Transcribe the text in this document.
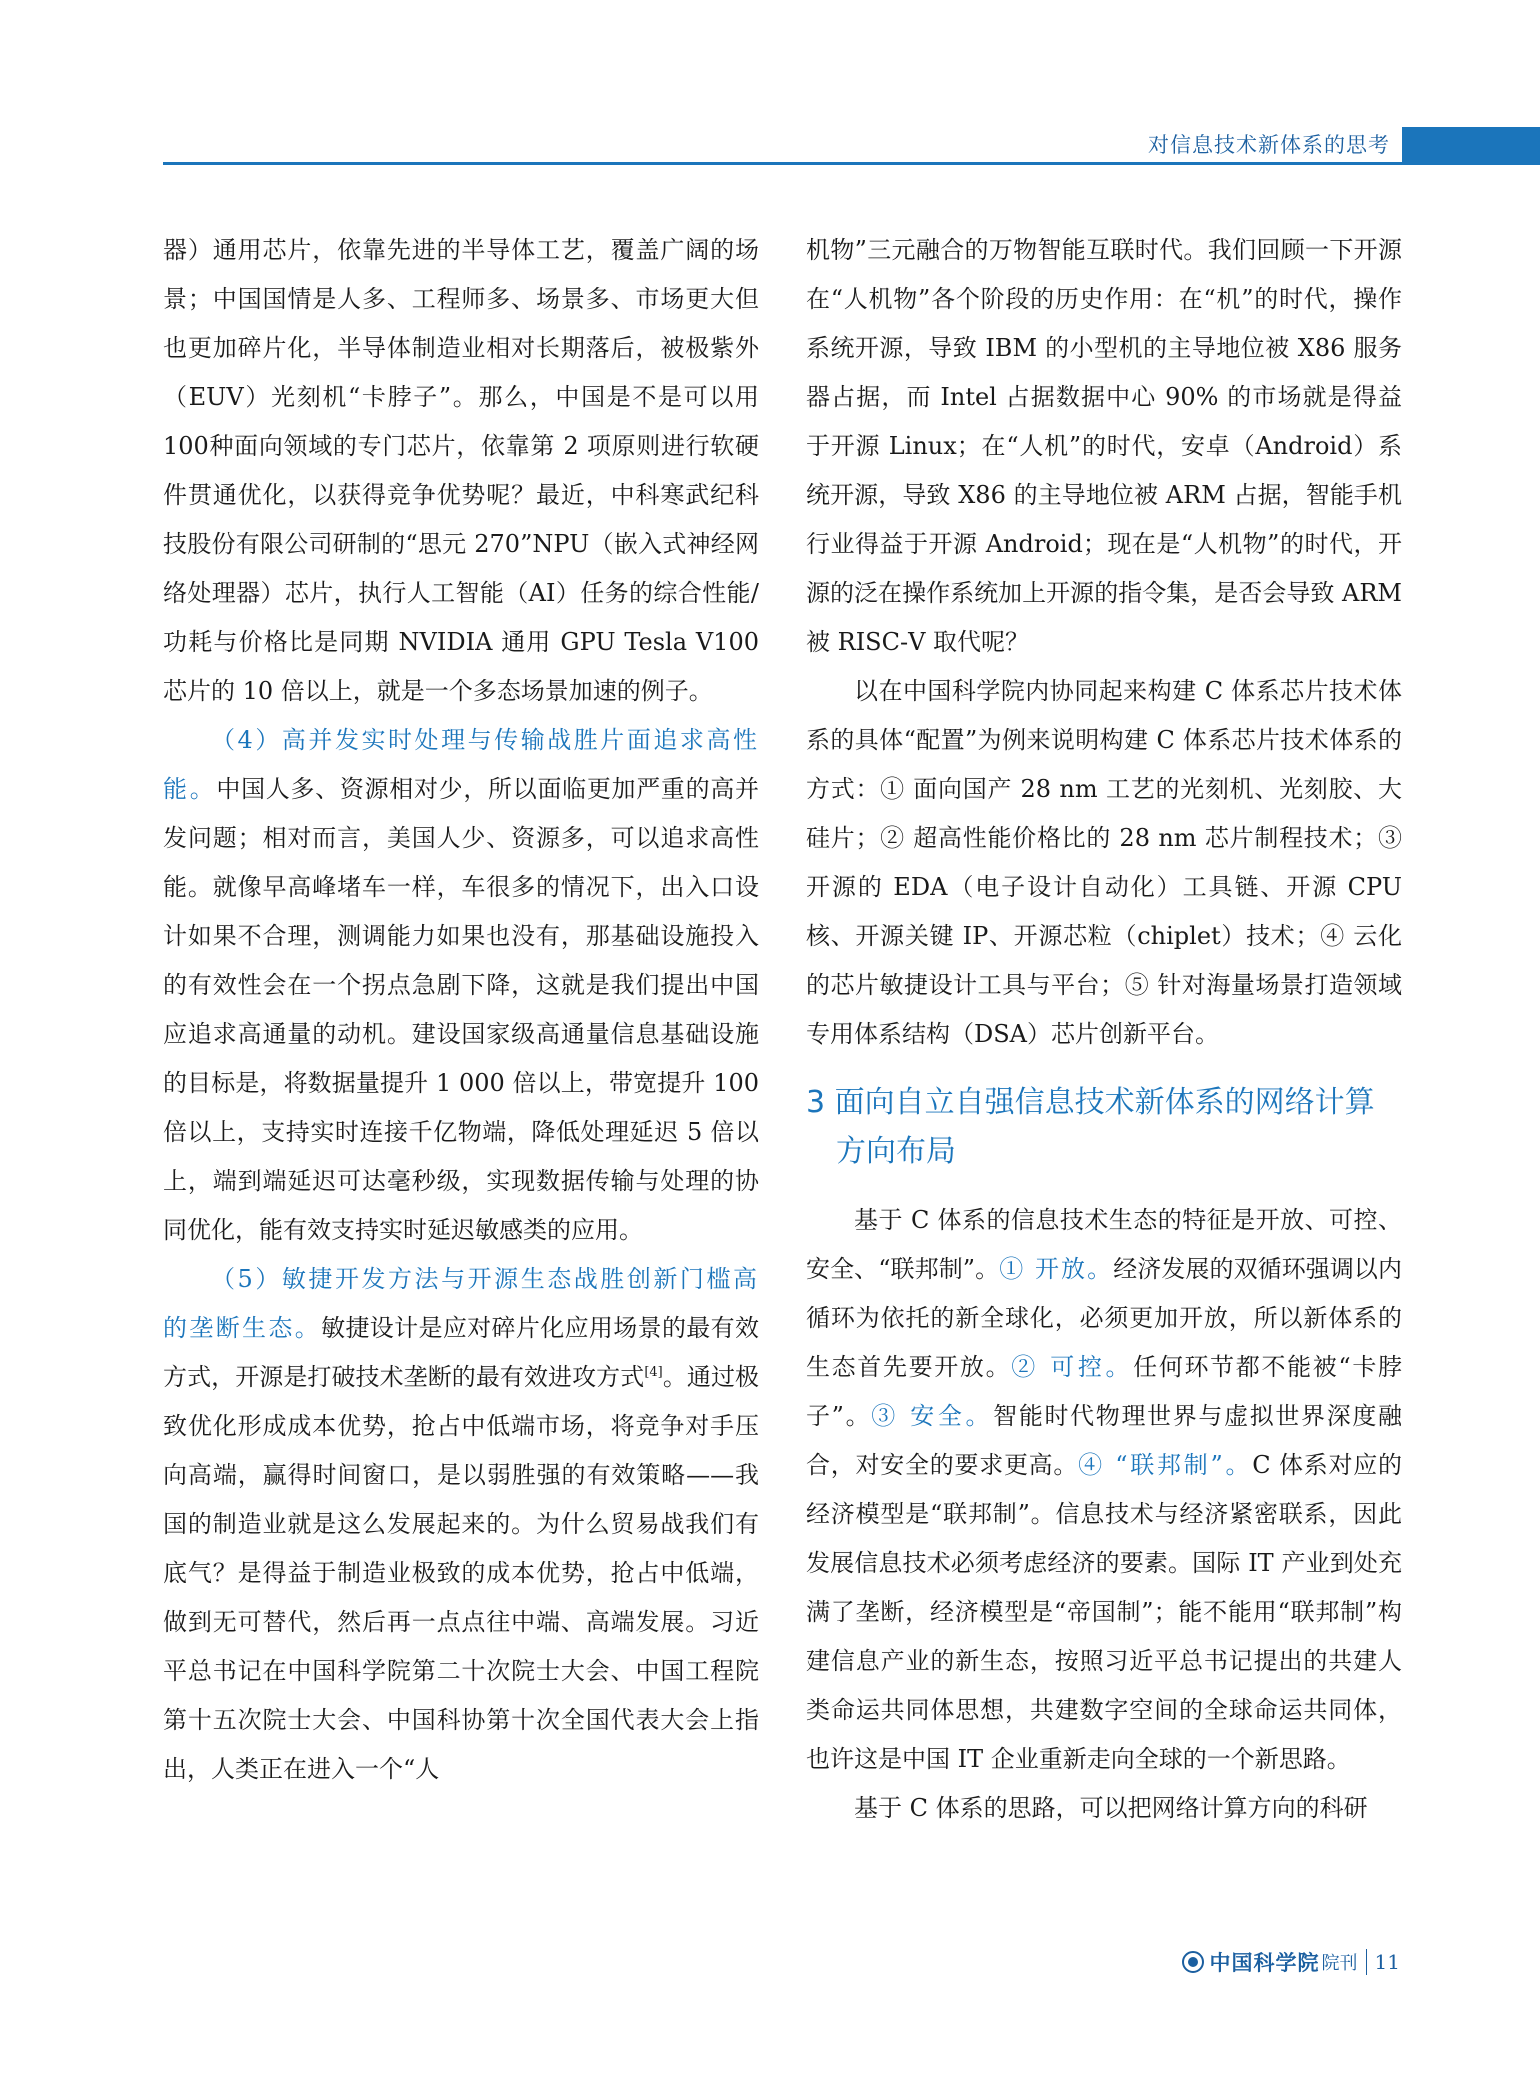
对信息技术新体系的思考

器）通用芯片，依靠先进的半导体工艺，覆盖广阔的场景；中国国情是人多、工程师多、场景多、市场更大但也更加碎片化，半导体制造业相对长期落后，被极紫外（EUV）光刻机“卡脖子”。那么，中国是不是可以用100种面向领域的专门芯片，依靠第 2 项原则进行软硬件贯通优化，以获得竞争优势呢？最近，中科寒武纪科技股份有限公司研制的“思元 270”NPU（嵌入式神经网络处理器）芯片，执行人工智能（AI）任务的综合性能/功耗与价格比是同期 NVIDIA 通用 GPU Tesla V100 芯片的 10 倍以上，就是一个多态场景加速的例子。

（4）高并发实时处理与传输战胜片面追求高性能。中国人多、资源相对少，所以面临更加严重的高并发问题；相对而言，美国人少、资源多，可以追求高性能。就像早高峰堵车一样，车很多的情况下，出入口设计如果不合理，测调能力如果也没有，那基础设施投入的有效性会在一个拐点急剧下降，这就是我们提出中国应追求高通量的动机。建设国家级高通量信息基础设施的目标是，将数据量提升 1 000 倍以上，带宽提升 100 倍以上，支持实时连接千亿物端，降低处理延迟 5 倍以上，端到端延迟可达毫秒级，实现数据传输与处理的协同优化，能有效支持实时延迟敏感类的应用。

（5）敏捷开发方法与开源生态战胜创新门槛高的垄断生态。敏捷设计是应对碎片化应用场景的最有效方式，开源是打破技术垄断的最有效进攻方式[4]。通过极致优化形成成本优势，抢占中低端市场，将竞争对手压向高端，赢得时间窗口，是以弱胜强的有效策略——我国的制造业就是这么发展起来的。为什么贸易战我们有底气？是得益于制造业极致的成本优势，抢占中低端，做到无可替代，然后再一点点往中端、高端发展。习近平总书记在中国科学院第二十次院士大会、中国工程院第十五次院士大会、中国科协第十次全国代表大会上指出，人类正在进入一个“人

机物”三元融合的万物智能互联时代。我们回顾一下开源在“人机物”各个阶段的历史作用：在“机”的时代，操作系统开源，导致 IBM 的小型机的主导地位被 X86 服务器占据，而 Intel 占据数据中心 90% 的市场就是得益于开源 Linux；在“人机”的时代，安卓（Android）系统开源，导致 X86 的主导地位被 ARM 占据，智能手机行业得益于开源 Android；现在是“人机物”的时代，开源的泛在操作系统加上开源的指令集，是否会导致 ARM 被 RISC-Ⅴ 取代呢？

以在中国科学院内协同起来构建 C 体系芯片技术体系的具体“配置”为例来说明构建 C 体系芯片技术体系的方式：① 面向国产 28 nm 工艺的光刻机、光刻胶、大硅片；② 超高性能价格比的 28 nm 芯片制程技术；③ 开源的 EDA（电子设计自动化）工具链、开源 CPU 核、开源关键 IP、开源芯粒（chiplet）技术；④ 云化的芯片敏捷设计工具与平台；⑤ 针对海量场景打造领域专用体系结构（DSA）芯片创新平台。

3 面向自立自强信息技术新体系的网络计算方向布局

基于 C 体系的信息技术生态的特征是开放、可控、安全、“联邦制”。① 开放。经济发展的双循环强调以内循环为依托的新全球化，必须更加开放，所以新体系的生态首先要开放。② 可控。任何环节都不能被“卡脖子”。③ 安全。智能时代物理世界与虚拟世界深度融合，对安全的要求更高。④ “联邦制”。C 体系对应的经济模型是“联邦制”。信息技术与经济紧密联系，因此发展信息技术必须考虑经济的要素。国际 IT 产业到处充满了垄断，经济模型是“帝国制”；能不能用“联邦制”构建信息产业的新生态，按照习近平总书记提出的共建人类命运共同体思想，共建数字空间的全球命运共同体，也许这是中国 IT 企业重新走向全球的一个新思路。

基于 C 体系的思路，可以把网络计算方向的科研

中国科学院 院刊 11
